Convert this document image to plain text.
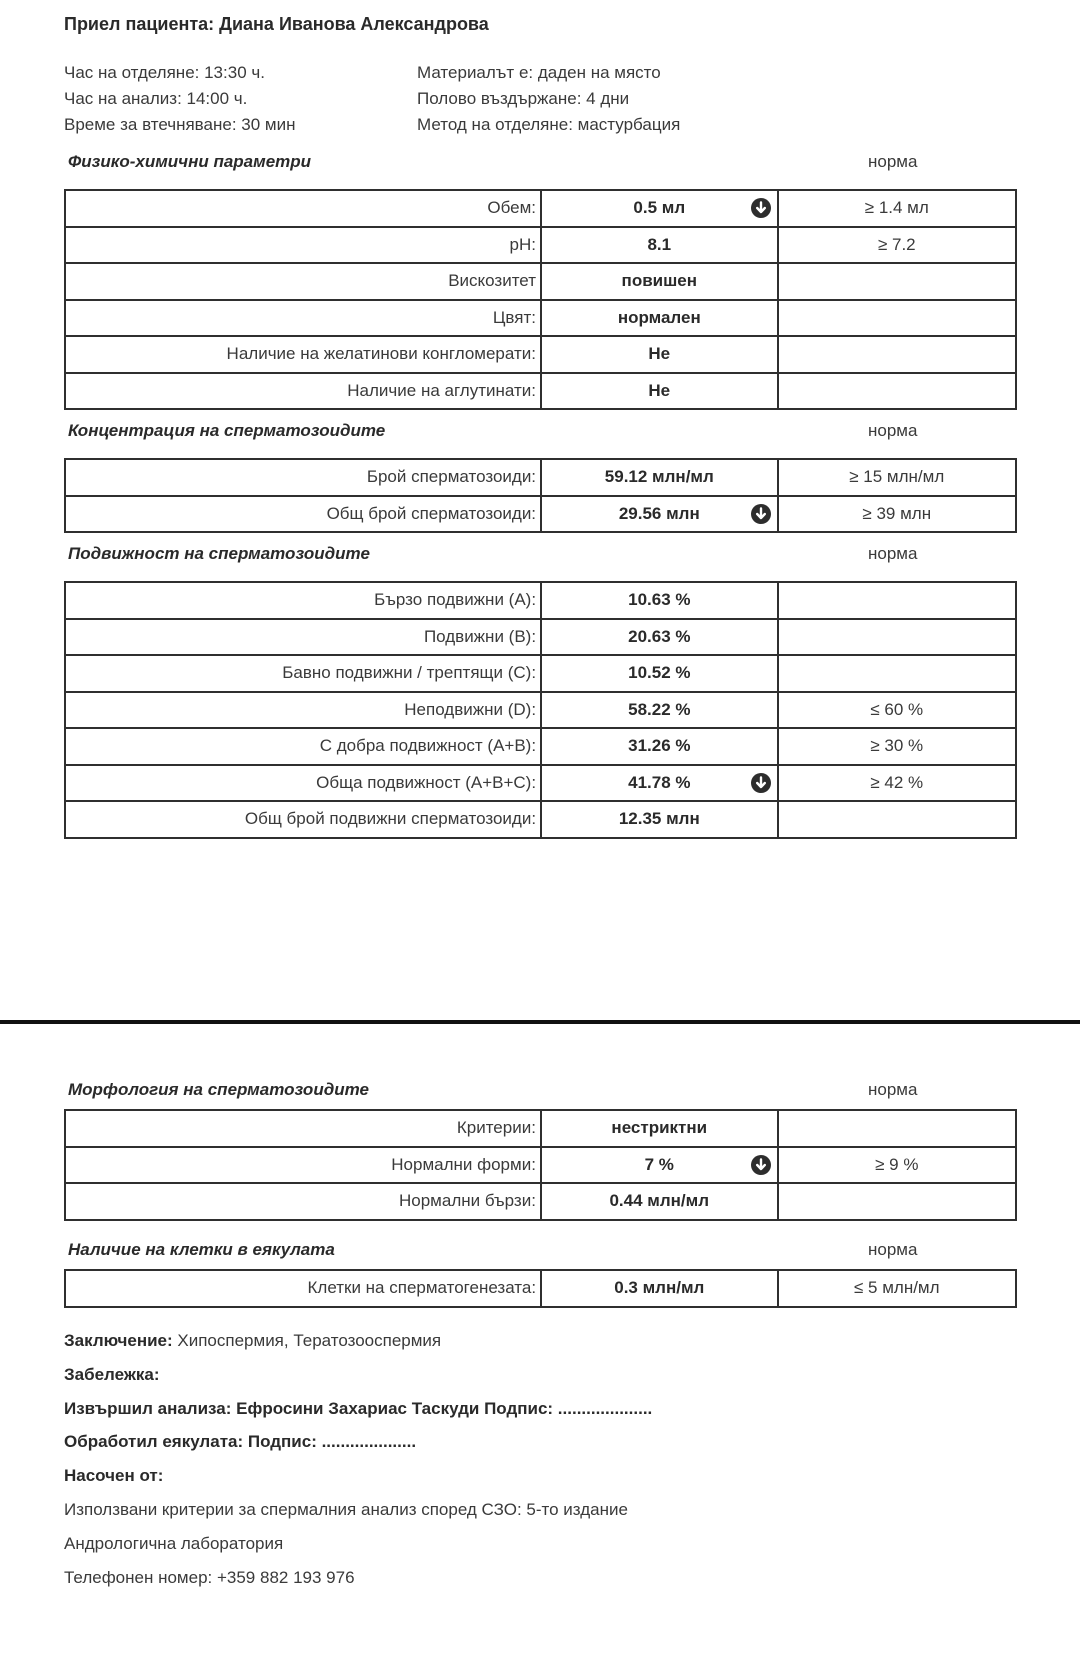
Приел пациента: Диана Иванова Александрова
Час на отделяне: 13:30 ч.
Час на анализ: 14:00 ч.
Време за втечняване: 30 мин
Материалът е: даден на място
Полово въздържане: 4 дни
Метод на отделяне: мастурбация
Физико-химични параметри	норма
Обем:	0.5 мл	≥ 1.4 мл
pH:	8.1	≥ 7.2
Вискозитет	повишен	
Цвят:	нормален	
Наличие на желатинови конгломерати:	Не	
Наличие на аглутинати:	Не	
Концентрация на сперматозоидите	норма
Брой сперматозоиди:	59.12 млн/мл	≥ 15 млн/мл
Общ брой сперматозоиди:	29.56 млн	≥ 39 млн
Подвижност на сперматозоидите	норма
Бързо подвижни (A):	10.63 %	
Подвижни (B):	20.63 %	
Бавно подвижни / трептящи (C):	10.52 %	
Неподвижни (D):	58.22 %	≤ 60 %
С добра подвижност (A+B):	31.26 %	≥ 30 %
Обща подвижност (A+B+C):	41.78 %	≥ 42 %
Общ брой подвижни сперматозоиди:	12.35 млн	
Морфология на сперматозоидите	норма
Критерии:	нестриктни	
Нормални форми:	7 %	≥ 9 %
Нормални бързи:	0.44 млн/мл	
Наличие на клетки в еякулата	норма
Клетки на сперматогенезата:	0.3 млн/мл	≤ 5 млн/мл
Заключение: Хипоспермия, Тератозооспермия
Забележка:
Извършил анализа: Ефросини Захариас Таскуди Подпис: ....................
Обработил еякулата: Подпис: ....................
Насочен от:
Използвани критерии за спермалния анализ според СЗО: 5-то издание
Андрологична лаборатория
Телефонен номер: +359 882 193 976
